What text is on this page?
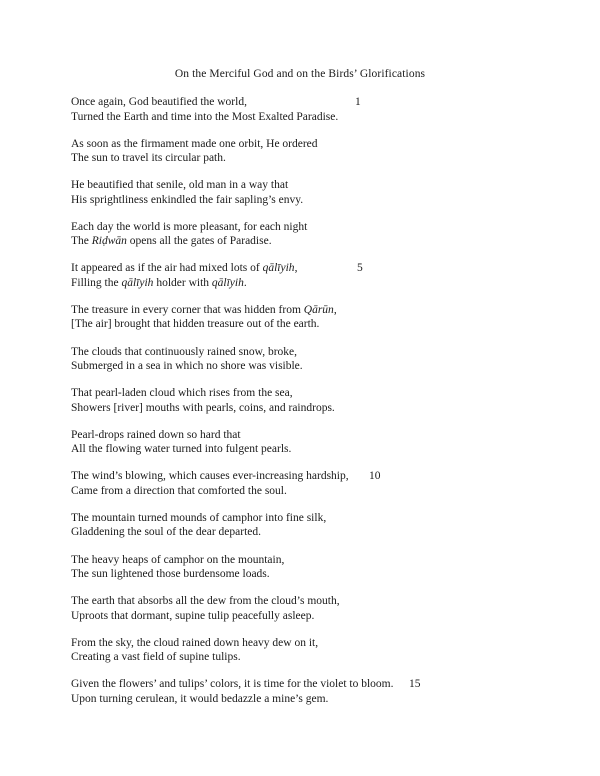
On the Merciful God and on the Birds’ Glorifications
Once again, God beautified the world,
Turned the Earth and time into the Most Exalted Paradise.
1
As soon as the firmament made one orbit, He ordered
The sun to travel its circular path.
He beautified that senile, old man in a way that
His sprightliness enkindled the fair sapling’s envy.
Each day the world is more pleasant, for each night
The Riḍwān opens all the gates of Paradise.
It appeared as if the air had mixed lots of qālīyih,
Filling the qālīyih holder with qālīyih.
5
The treasure in every corner that was hidden from Qārūn,
[The air] brought that hidden treasure out of the earth.
The clouds that continuously rained snow, broke,
Submerged in a sea in which no shore was visible.
That pearl-laden cloud which rises from the sea,
Showers [river] mouths with pearls, coins, and raindrops.
Pearl-drops rained down so hard that
All the flowing water turned into fulgent pearls.
The wind’s blowing, which causes ever-increasing hardship,
Came from a direction that comforted the soul.
10
The mountain turned mounds of camphor into fine silk,
Gladdening the soul of the dear departed.
The heavy heaps of camphor on the mountain,
The sun lightened those burdensome loads.
The earth that absorbs all the dew from the cloud’s mouth,
Uproots that dormant, supine tulip peacefully asleep.
From the sky, the cloud rained down heavy dew on it,
Creating a vast field of supine tulips.
Given the flowers’ and tulips’ colors, it is time for the violet to bloom.
Upon turning cerulean, it would bedazzle a mine’s gem.
15
